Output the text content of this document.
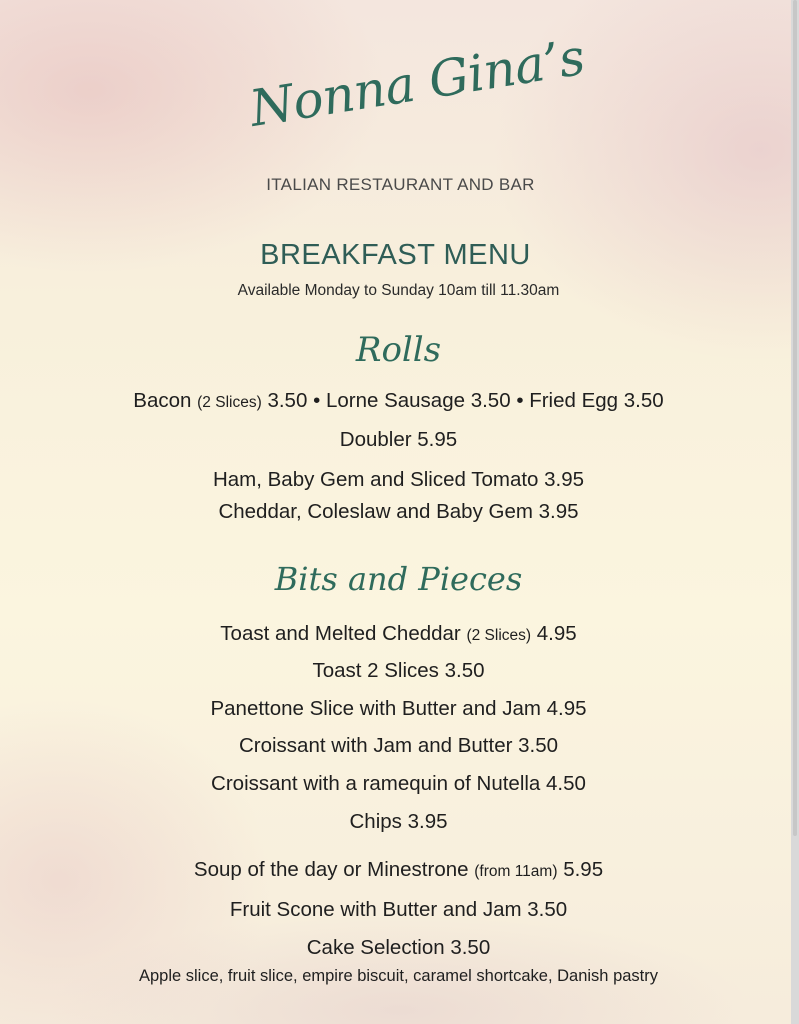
Nonna Gina’s
ITALIAN RESTAURANT AND BAR
BREAKFAST MENU
Available Monday to Sunday 10am till 11.30am
Rolls
Bacon (2 Slices) 3.50 • Lorne Sausage 3.50 • Fried Egg 3.50
Doubler 5.95
Ham, Baby Gem and Sliced Tomato 3.95
Cheddar, Coleslaw and Baby Gem 3.95
Bits and Pieces
Toast and Melted Cheddar (2 Slices) 4.95
Toast 2 Slices 3.50
Panettone Slice with Butter and Jam 4.95
Croissant with Jam and Butter 3.50
Croissant with a ramequin of Nutella 4.50
Chips 3.95
Soup of the day or Minestrone (from 11am) 5.95
Fruit Scone with Butter and Jam 3.50
Cake Selection 3.50
Apple slice, fruit slice, empire biscuit, caramel shortcake, Danish pastry
